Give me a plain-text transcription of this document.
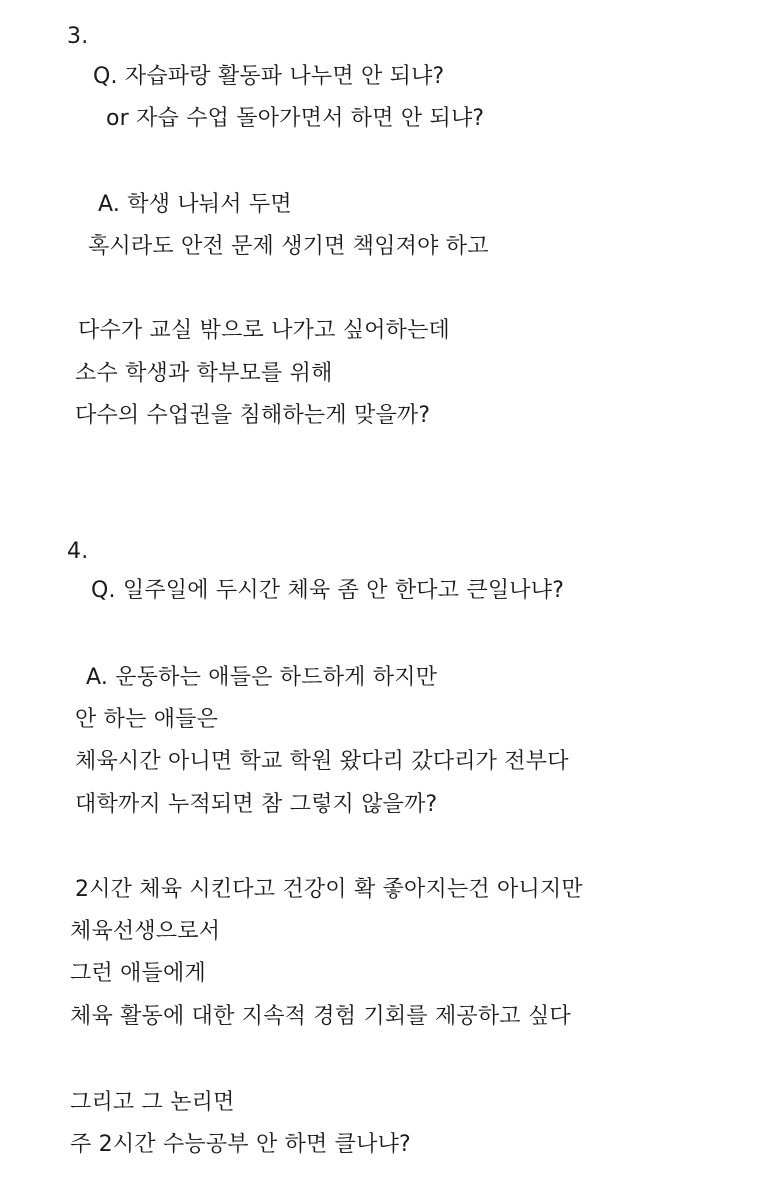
3.
Q. 자습파랑 활동파 나누면 안 되냐?
or 자습 수업 돌아가면서 하면 안 되냐?
A. 학생 나눠서 두면
혹시라도 안전 문제 생기면 책임져야 하고
다수가 교실 밖으로 나가고 싶어하는데
소수 학생과 학부모를 위해
다수의 수업권을 침해하는게 맞을까?
4.
Q. 일주일에 두시간 체육 좀 안 한다고 큰일나냐?
A. 운동하는 애들은 하드하게 하지만
안 하는 애들은
체육시간 아니면 학교 학원 왔다리 갔다리가 전부다
대학까지 누적되면 참 그렇지 않을까?
2시간 체육 시킨다고 건강이 확 좋아지는건 아니지만
체육선생으로서
그런 애들에게
체육 활동에 대한 지속적 경험 기회를 제공하고 싶다
그리고 그 논리면
주 2시간 수능공부 안 하면 클나냐?
